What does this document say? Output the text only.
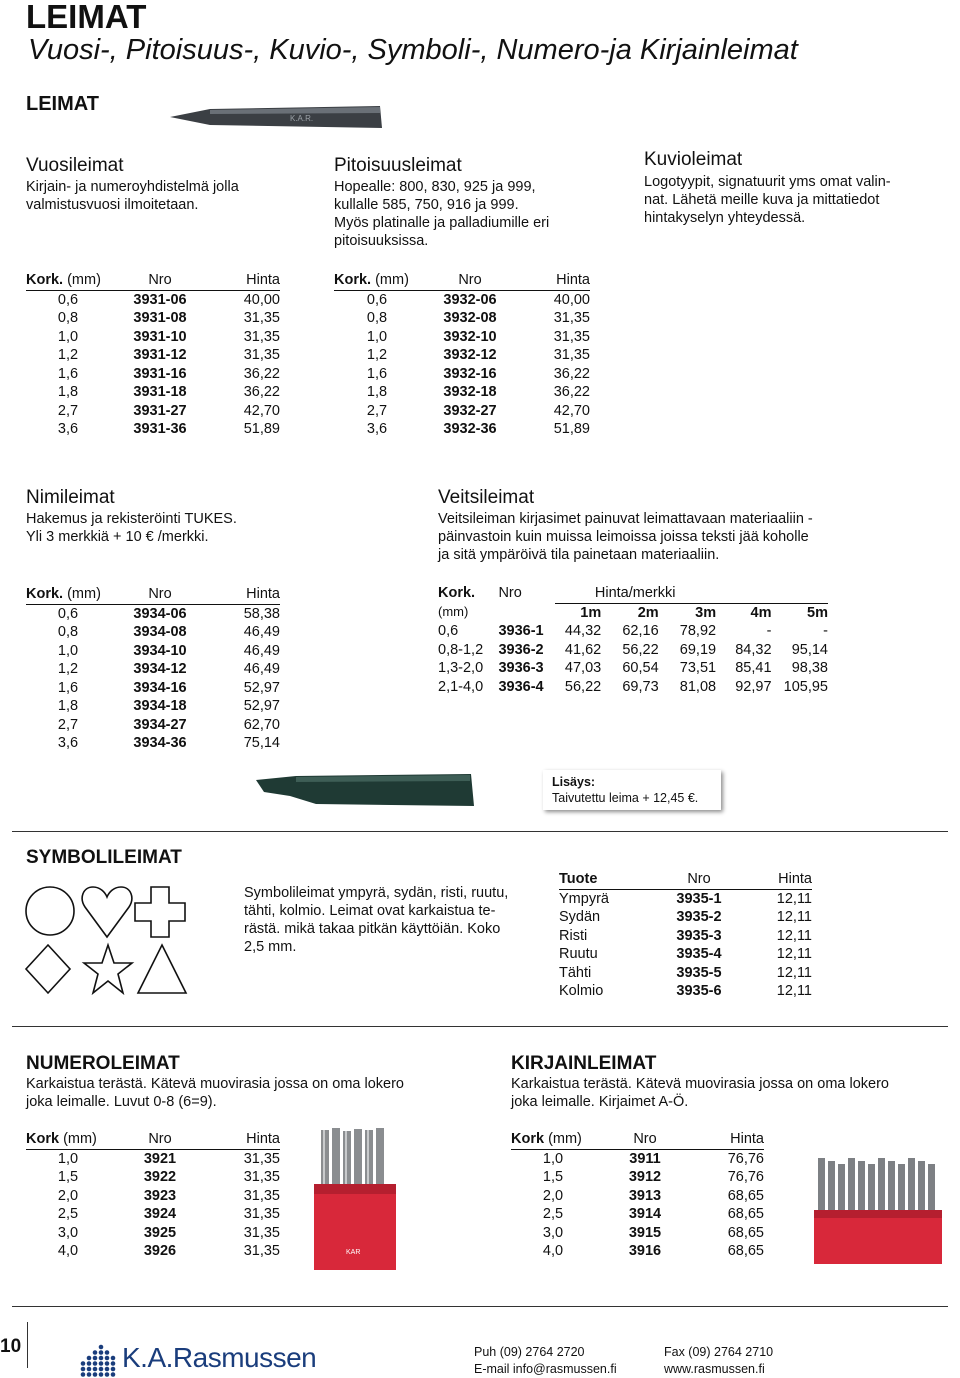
LEIMAT
Vuosi-, Pitoisuus-, Kuvio-, Symboli-, Numero-ja Kirjainleimat
LEIMAT
K.A.R.
Vuosileimat
Kirjain- ja numeroyhdistelmä jolla
valmistusvuosi ilmoitetaan.
Kork. (mm)	Nro	Hinta
0,6	3931-06	40,00
0,8	3931-08	31,35
1,0	3931-10	31,35
1,2	3931-12	31,35
1,6	3931-16	36,22
1,8	3931-18	36,22
2,7	3931-27	42,70
3,6	3931-36	51,89
Pitoisuusleimat
Hopealle: 800, 830, 925 ja 999,
kullalle 585, 750, 916 ja 999.
Myös platinalle ja palladiumille eri
pitoisuuksissa.
Kork. (mm)	Nro	Hinta
0,6	3932-06	40,00
0,8	3932-08	31,35
1,0	3932-10	31,35
1,2	3932-12	31,35
1,6	3932-16	36,22
1,8	3932-18	36,22
2,7	3932-27	42,70
3,6	3932-36	51,89
Kuvioleimat
Logotyypit, signatuurit yms omat valin-
nat. Lähetä meille kuva ja mittatiedot
hintakyselyn yhteydessä.
Nimileimat
Hakemus ja rekisteröinti TUKES.
Yli 3 merkkiä + 10 € /merkki.
Kork. (mm)	Nro	Hinta
0,6	3934-06	58,38
0,8	3934-08	46,49
1,0	3934-10	46,49
1,2	3934-12	46,49
1,6	3934-16	52,97
1,8	3934-18	52,97
2,7	3934-27	62,70
3,6	3934-36	75,14
Veitsileimat
Veitsileiman kirjasimet painuvat leimattavaan materiaaliin -
päinvastoin kuin muissa leimoissa joissa teksti jää koholle
ja sitä ympäröivä tila painetaan materiaaliin.
Kork.	Nro	Hinta/merkki				
(mm)		1m	2m	3m	4m	5m
0,6	3936-1	44,32	62,16	78,92	-	-
0,8-1,2	3936-2	41,62	56,22	69,19	84,32	95,14
1,3-2,0	3936-3	47,03	60,54	73,51	85,41	98,38
2,1-4,0	3936-4	56,22	69,73	81,08	92,97	105,95
Lisäys:
Taivutettu leima + 12,45 €.
SYMBOLILEIMAT
Symbolileimat ympyrä, sydän, risti, ruutu,
tähti, kolmio. Leimat ovat karkaistua te-
rästä. mikä takaa pitkän käyttöiän. Koko
2,5 mm.
Tuote	Nro	Hinta
Ympyrä	3935-1	12,11
Sydän	3935-2	12,11
Risti	3935-3	12,11
Ruutu	3935-4	12,11
Tähti	3935-5	12,11
Kolmio	3935-6	12,11
NUMEROLEIMAT
Karkaistua terästä. Kätevä muovirasia jossa on oma lokero
joka leimalle. Luvut 0-8 (6=9).
Kork (mm)	Nro	Hinta
1,0	3921	31,35
1,5	3922	31,35
2,0	3923	31,35
2,5	3924	31,35
3,0	3925	31,35
4,0	3926	31,35	KAR
KIRJAINLEIMAT
Karkaistua terästä. Kätevä muovirasia jossa on oma lokero
joka leimalle. Kirjaimet A-Ö.
Kork (mm)	Nro	Hinta
1,0	3911	76,76
1,5	3912	76,76
2,0	3913	68,65
2,5	3914	68,65
3,0	3915	68,65
4,0	3916	68,65
10	K.A.Rasmussen	Puh (09) 2764 2720
E-mail info@rasmussen.fi
Fax (09) 2764 2710
www.rasmussen.fi
